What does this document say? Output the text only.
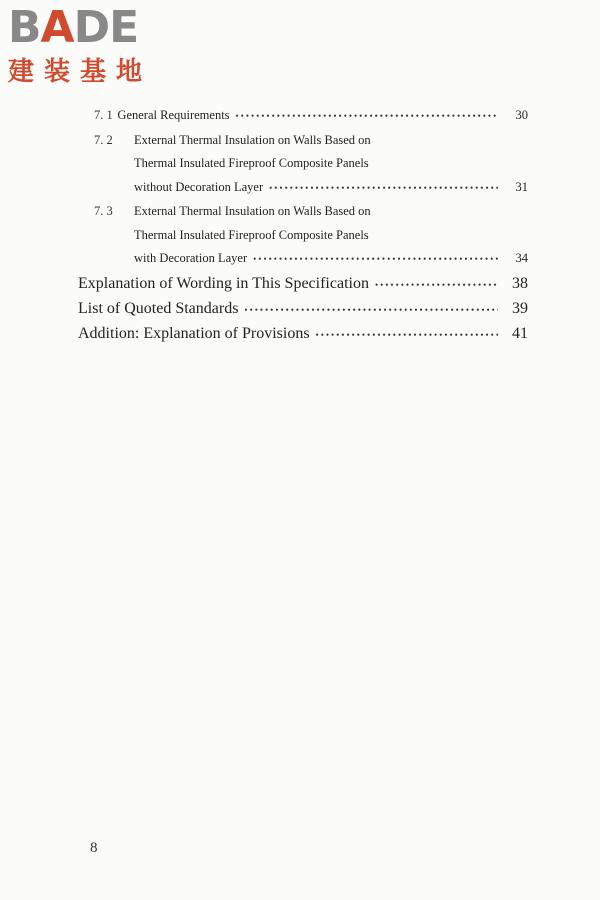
BADE
建装基地
7. 1 General Requirements •••••	30
7. 2	External Thermal Insulation on Walls Based on
Thermal Insulated Fireproof Composite Panels
without Decoration Layer •••••	31
7. 3	External Thermal Insulation on Walls Based on
Thermal Insulated Fireproof Composite Panels
with Decoration Layer •••••	34
Explanation of Wording in This Specification •••••	38
List of Quoted Standards •••••	39
Addition: Explanation of Provisions •••••	41
8
